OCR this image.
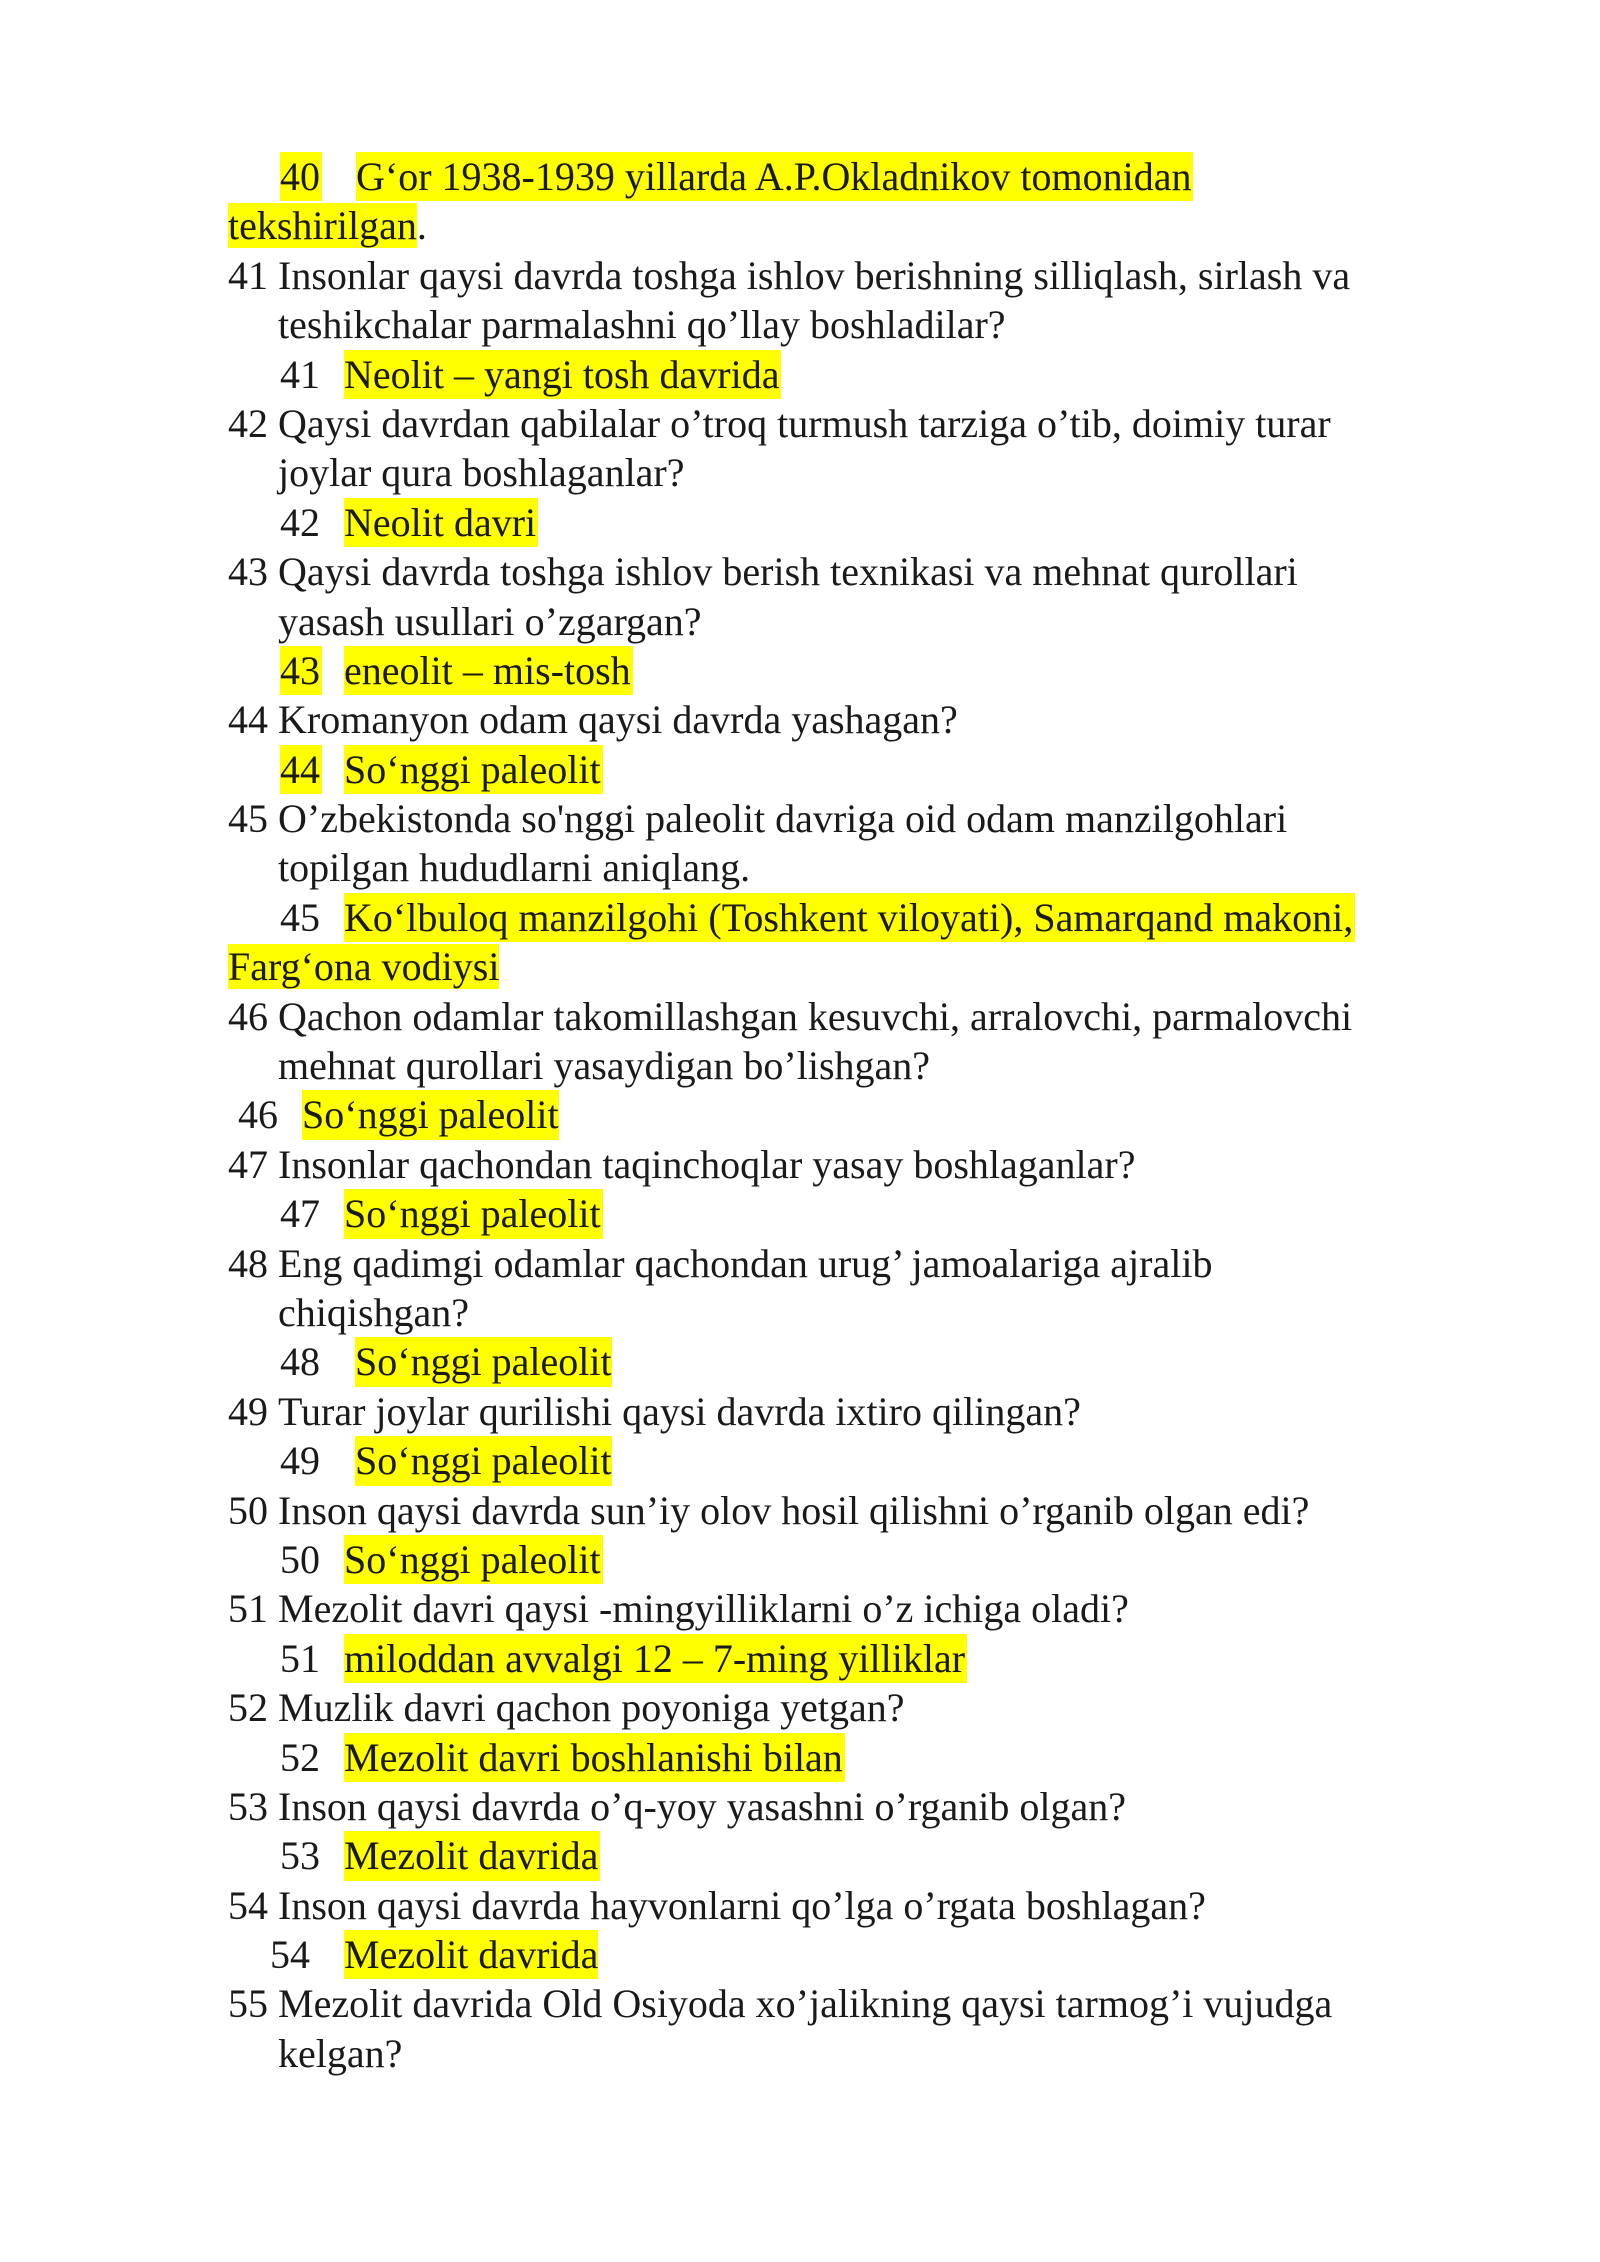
40 G‘or 1938-1939 yillarda A.P.Okladnikov tomonidan
tekshirilgan.
41 Insonlar qaysi davrda toshga ishlov berishning silliqlash, sirlash va
teshikchalar parmalashni qo’llay boshladilar?
41 Neolit – yangi tosh davrida
42 Qaysi davrdan qabilalar o’troq turmush tarziga o’tib, doimiy turar
joylar qura boshlaganlar?
42 Neolit davri
43 Qaysi davrda toshga ishlov berish texnikasi va mehnat qurollari
yasash usullari o’zgargan?
43 eneolit – mis-tosh
44 Kromanyon odam qaysi davrda yashagan?
44 So‘nggi paleolit
45 O’zbekistonda so'nggi paleolit davriga oid odam manzilgohlari
topilgan hududlarni aniqlang.
45 Ko‘lbuloq manzilgohi (Toshkent viloyati), Samarqand makoni,
Farg‘ona vodiysi
46 Qachon odamlar takomillashgan kesuvchi, arralovchi, parmalovchi
mehnat qurollari yasaydigan bo’lishgan?
46 So‘nggi paleolit
47 Insonlar qachondan taqinchoqlar yasay boshlaganlar?
47 So‘nggi paleolit
48 Eng qadimgi odamlar qachondan urug’ jamoalariga ajralib
chiqishgan?
48 So‘nggi paleolit
49 Turar joylar qurilishi qaysi davrda ixtiro qilingan?
49 So‘nggi paleolit
50 Inson qaysi davrda sun’iy olov hosil qilishni o’rganib olgan edi?
50 So‘nggi paleolit
51 Mezolit davri qaysi -mingyilliklarni o’z ichiga oladi?
51 miloddan avvalgi 12 – 7-ming yilliklar
52 Muzlik davri qachon poyoniga yetgan?
52 Mezolit davri boshlanishi bilan
53 Inson qaysi davrda o’q-yoy yasashni o’rganib olgan?
53 Mezolit davrida
54 Inson qaysi davrda hayvonlarni qo’lga o’rgata boshlagan?
54 Mezolit davrida
55 Mezolit davrida Old Osiyoda xo’jalikning qaysi tarmog’i vujudga
kelgan?
